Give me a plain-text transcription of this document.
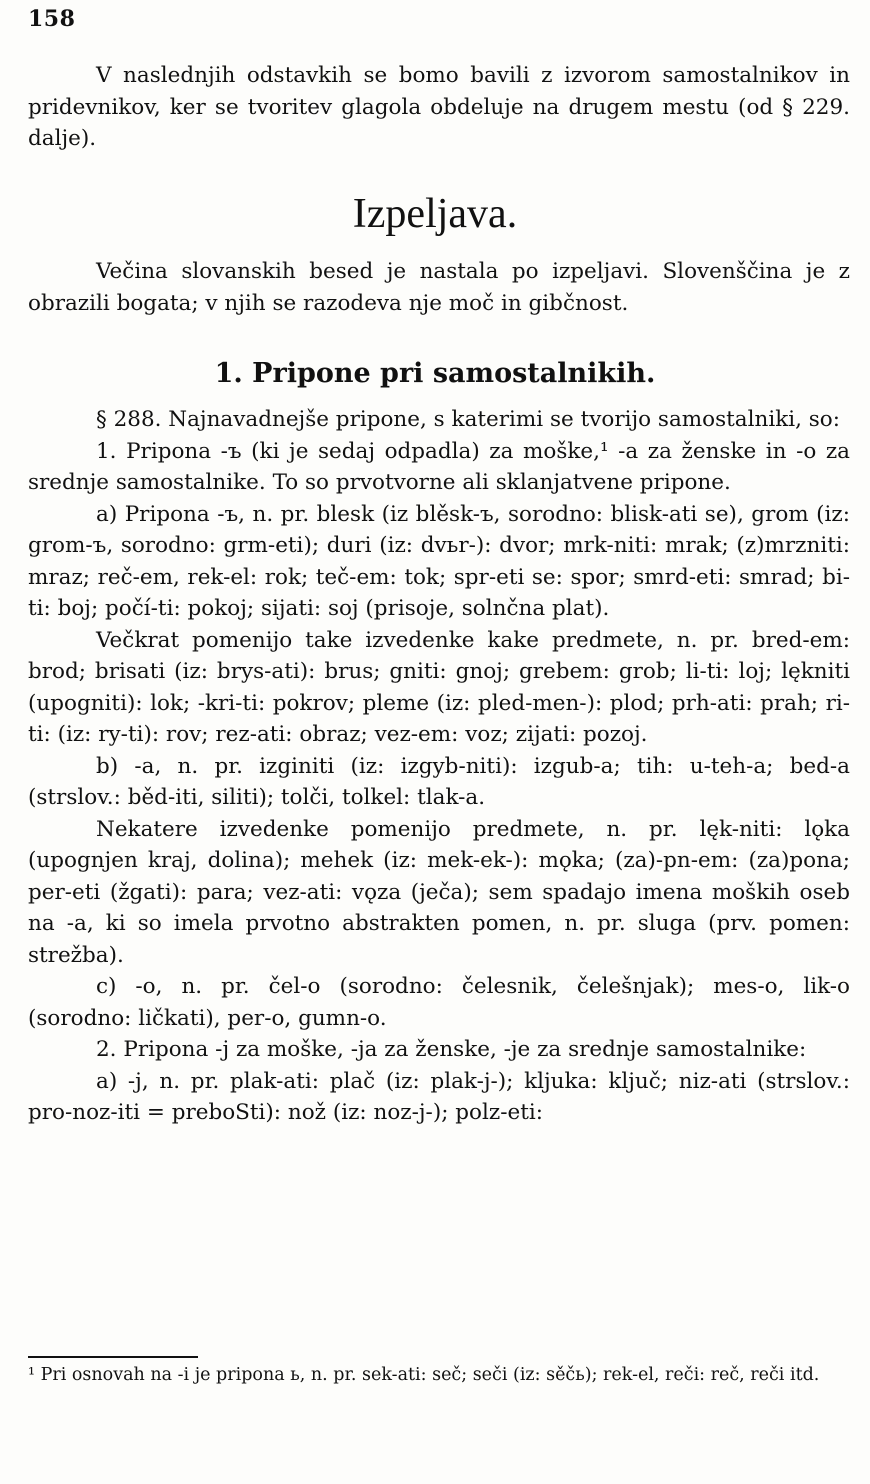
158

V naslednjih odstavkih se bomo bavili z izvorom samostalnikov in pridevnikov, ker se tvoritev glagola obdeluje na drugem mestu (od § 229. dalje).

Izpeljava.

Večina slovanskih besed je nastala po izpeljavi. Slovenščina je z obrazili bogata; v njih se razodeva nje moč in gibčnost.

1. Pripone pri samostalnikih.

§ 288. Najnavadnejše pripone, s katerimi se tvorijo samostalniki, so:

1. Pripona -ъ (ki je sedaj odpadla) za moške,¹ -a za ženske in -o za srednje samostalnike. To so prvotvorne ali sklanjatvene pripone.

a) Pripona -ъ, n. pr. blesk (iz blěsk-ъ, sorodno: blisk-ati se), grom (iz: grom-ъ, sorodno: grm-eti); duri (iz: dvьr-): dvor; mrk-niti: mrak; (z)mrzniti: mraz; reč-em, rek-el: rok; teč-em: tok; spr-eti se: spor; smrd-eti: smrad; bi-ti: boj; počí-ti: pokoj; sijati: soj (prisoje, solnčna plat).

Večkrat pomenijo take izvedenke kake predmete, n. pr. bred-em: brod; brisati (iz: brys-ati): brus; gniti: gnoj; grebem: grob; li-ti: loj; lękniti (upogniti): lok; -kri-ti: pokrov; pleme (iz: pled-men-): plod; prh-ati: prah; ri-ti: (iz: ry-ti): rov; rez-ati: obraz; vez-em: voz; zijati: pozoj.

b) -a, n. pr. izginiti (iz: izgyb-niti): izgub-a; tih: u-teh-a; bed-a (strslov.: běd-iti, siliti); tolči, tolkel: tlak-a.

Nekatere izvedenke pomenijo predmete, n. pr. lęk-niti: lǫka (upognjen kraj, dolina); mehek (iz: mek-ek-): mǫka; (za)-pn-em: (za)pona; per-eti (žgati): para; vez-ati: vǫza (ječa); sem spadajo imena moških oseb na -a, ki so imela prvotno abstrakten pomen, n. pr. sluga (prv. pomen: strežba).

c) -o, n. pr. čel-o (sorodno: čelesnik, čelešnjak); mes-o, lik-o (sorodno: ličkati), per-o, gumn-o.

2. Pripona -j za moške, -ja za ženske, -je za srednje samostalnike:

a) -j, n. pr. plak-ati: plač (iz: plak-j-); kljuka: ključ; niz-ati (strslov.: pro-noz-iti = preboSti): nož (iz: noz-j-); polz-eti:

¹ Pri osnovah na -i je pripona ь, n. pr. sek-ati: seč; seči (iz: sěčь); rek-el, reči: reč, reči itd.
